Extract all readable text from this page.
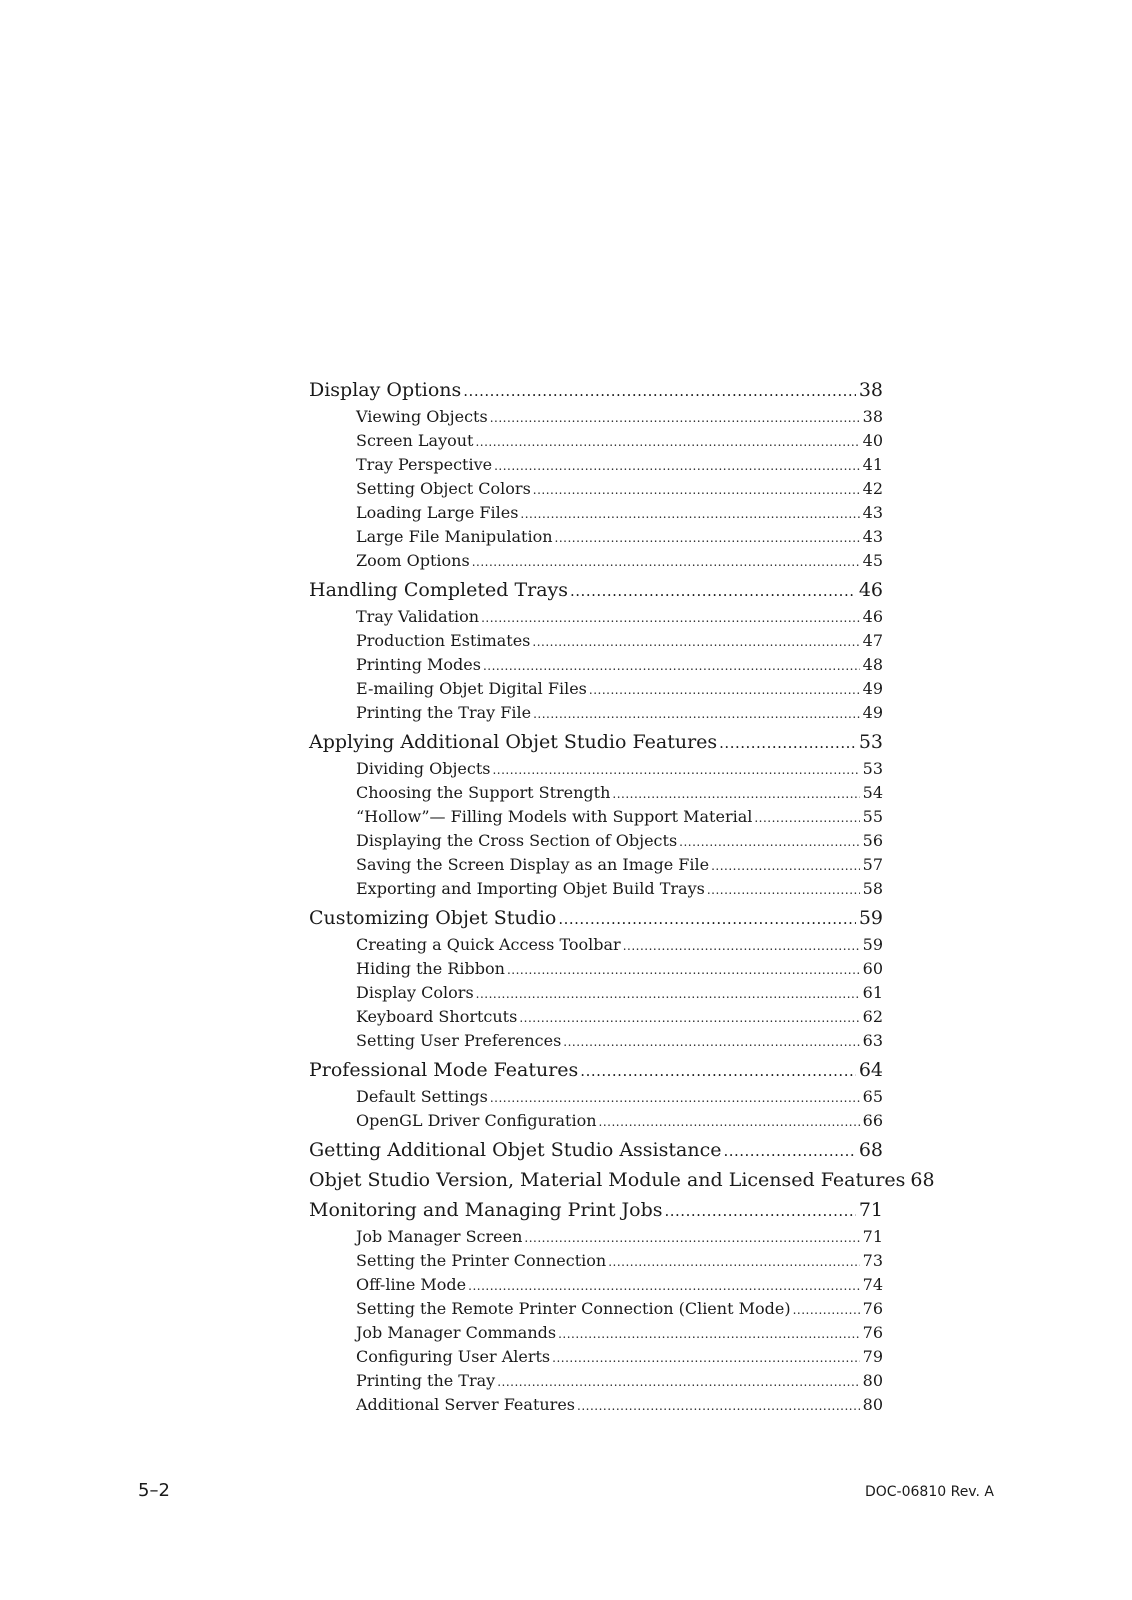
Display Options .....	38
Viewing Objects .....	38
Screen Layout .....	40
Tray Perspective .....	41
Setting Object Colors .....	42
Loading Large Files .....	43
Large File Manipulation .....	43
Zoom Options .....	45
Handling Completed Trays .....	46
Tray Validation .....	46
Production Estimates .....	47
Printing Modes .....	48
E-mailing Objet Digital Files .....	49
Printing the Tray File .....	49
Applying Additional Objet Studio Features .....	53
Dividing Objects .....	53
Choosing the Support Strength .....	54
“Hollow”— Filling Models with Support Material .....	55
Displaying the Cross Section of Objects .....	56
Saving the Screen Display as an Image File .....	57
Exporting and Importing Objet Build Trays .....	58
Customizing Objet Studio .....	59
Creating a Quick Access Toolbar .....	59
Hiding the Ribbon .....	60
Display Colors .....	61
Keyboard Shortcuts .....	62
Setting User Preferences .....	63
Professional Mode Features .....	64
Default Settings .....	65
OpenGL Driver Configuration .....	66
Getting Additional Objet Studio Assistance .....	68
Objet Studio Version, Material Module and Licensed Features 68
Monitoring and Managing Print Jobs .....	71
Job Manager Screen .....	71
Setting the Printer Connection .....	73
Off-line Mode .....	74
Setting the Remote Printer Connection (Client Mode) .....	76
Job Manager Commands .....	76
Configuring User Alerts .....	79
Printing the Tray .....	80
Additional Server Features .....	80
5–2	DOC-06810 Rev. A
